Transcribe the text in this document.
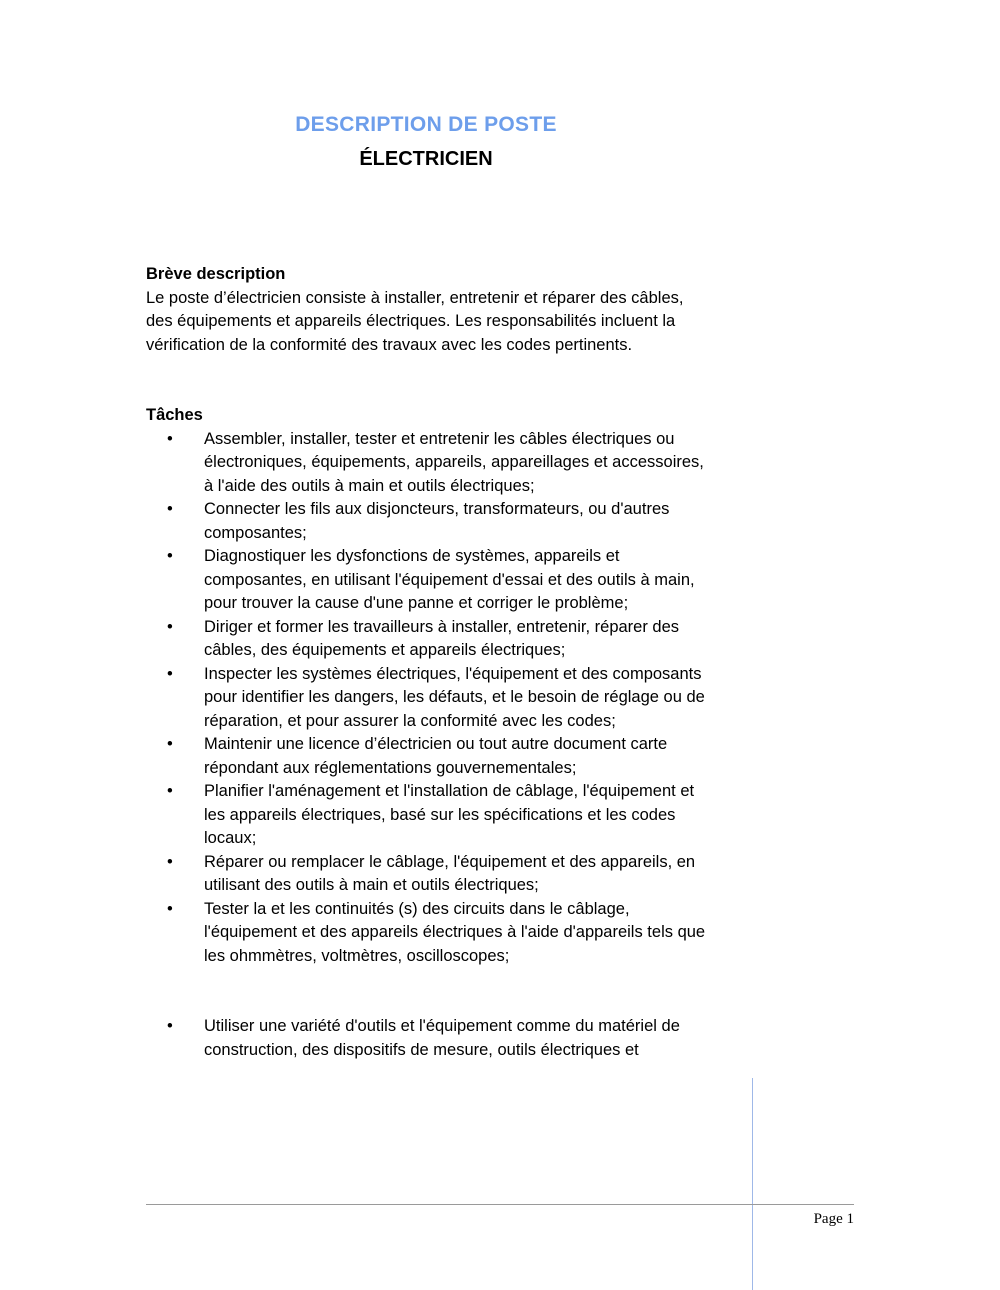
DESCRIPTION DE POSTE

ÉLECTRICIEN

Brève description

Le poste d’électricien consiste à installer, entretenir et réparer des câbles, des équipements et appareils électriques. Les responsabilités incluent la vérification de la conformité des travaux avec les codes pertinents.

Tâches

• Assembler, installer, tester et entretenir les câbles électriques ou électroniques, équipements, appareils, appareillages et accessoires, à l'aide des outils à main et outils électriques;
• Connecter les fils aux disjoncteurs, transformateurs, ou d'autres composantes;
• Diagnostiquer les dysfonctions de systèmes, appareils et composantes, en utilisant l'équipement d'essai et des outils à main, pour trouver la cause d'une panne et corriger le problème;
• Diriger et former les travailleurs à installer, entretenir, réparer des câbles, des équipements et appareils électriques;
• Inspecter les systèmes électriques, l'équipement et des composants pour identifier les dangers, les défauts, et le besoin de réglage ou de réparation, et pour assurer la conformité avec les codes;
• Maintenir une licence d’électricien ou tout autre document carte répondant aux réglementations gouvernementales;
• Planifier l'aménagement et l'installation de câblage, l'équipement et les appareils électriques, basé sur les spécifications et les codes locaux;
• Réparer ou remplacer le câblage, l'équipement et des appareils, en utilisant des outils à main et outils électriques;
• Tester la et les continuités (s) des circuits dans le câblage, l'équipement et des appareils électriques à l'aide d'appareils tels que les ohmmètres, voltmètres, oscilloscopes;
• Utiliser une variété d'outils et l'équipement comme du matériel de construction, des dispositifs de mesure, outils électriques et
Page 1
